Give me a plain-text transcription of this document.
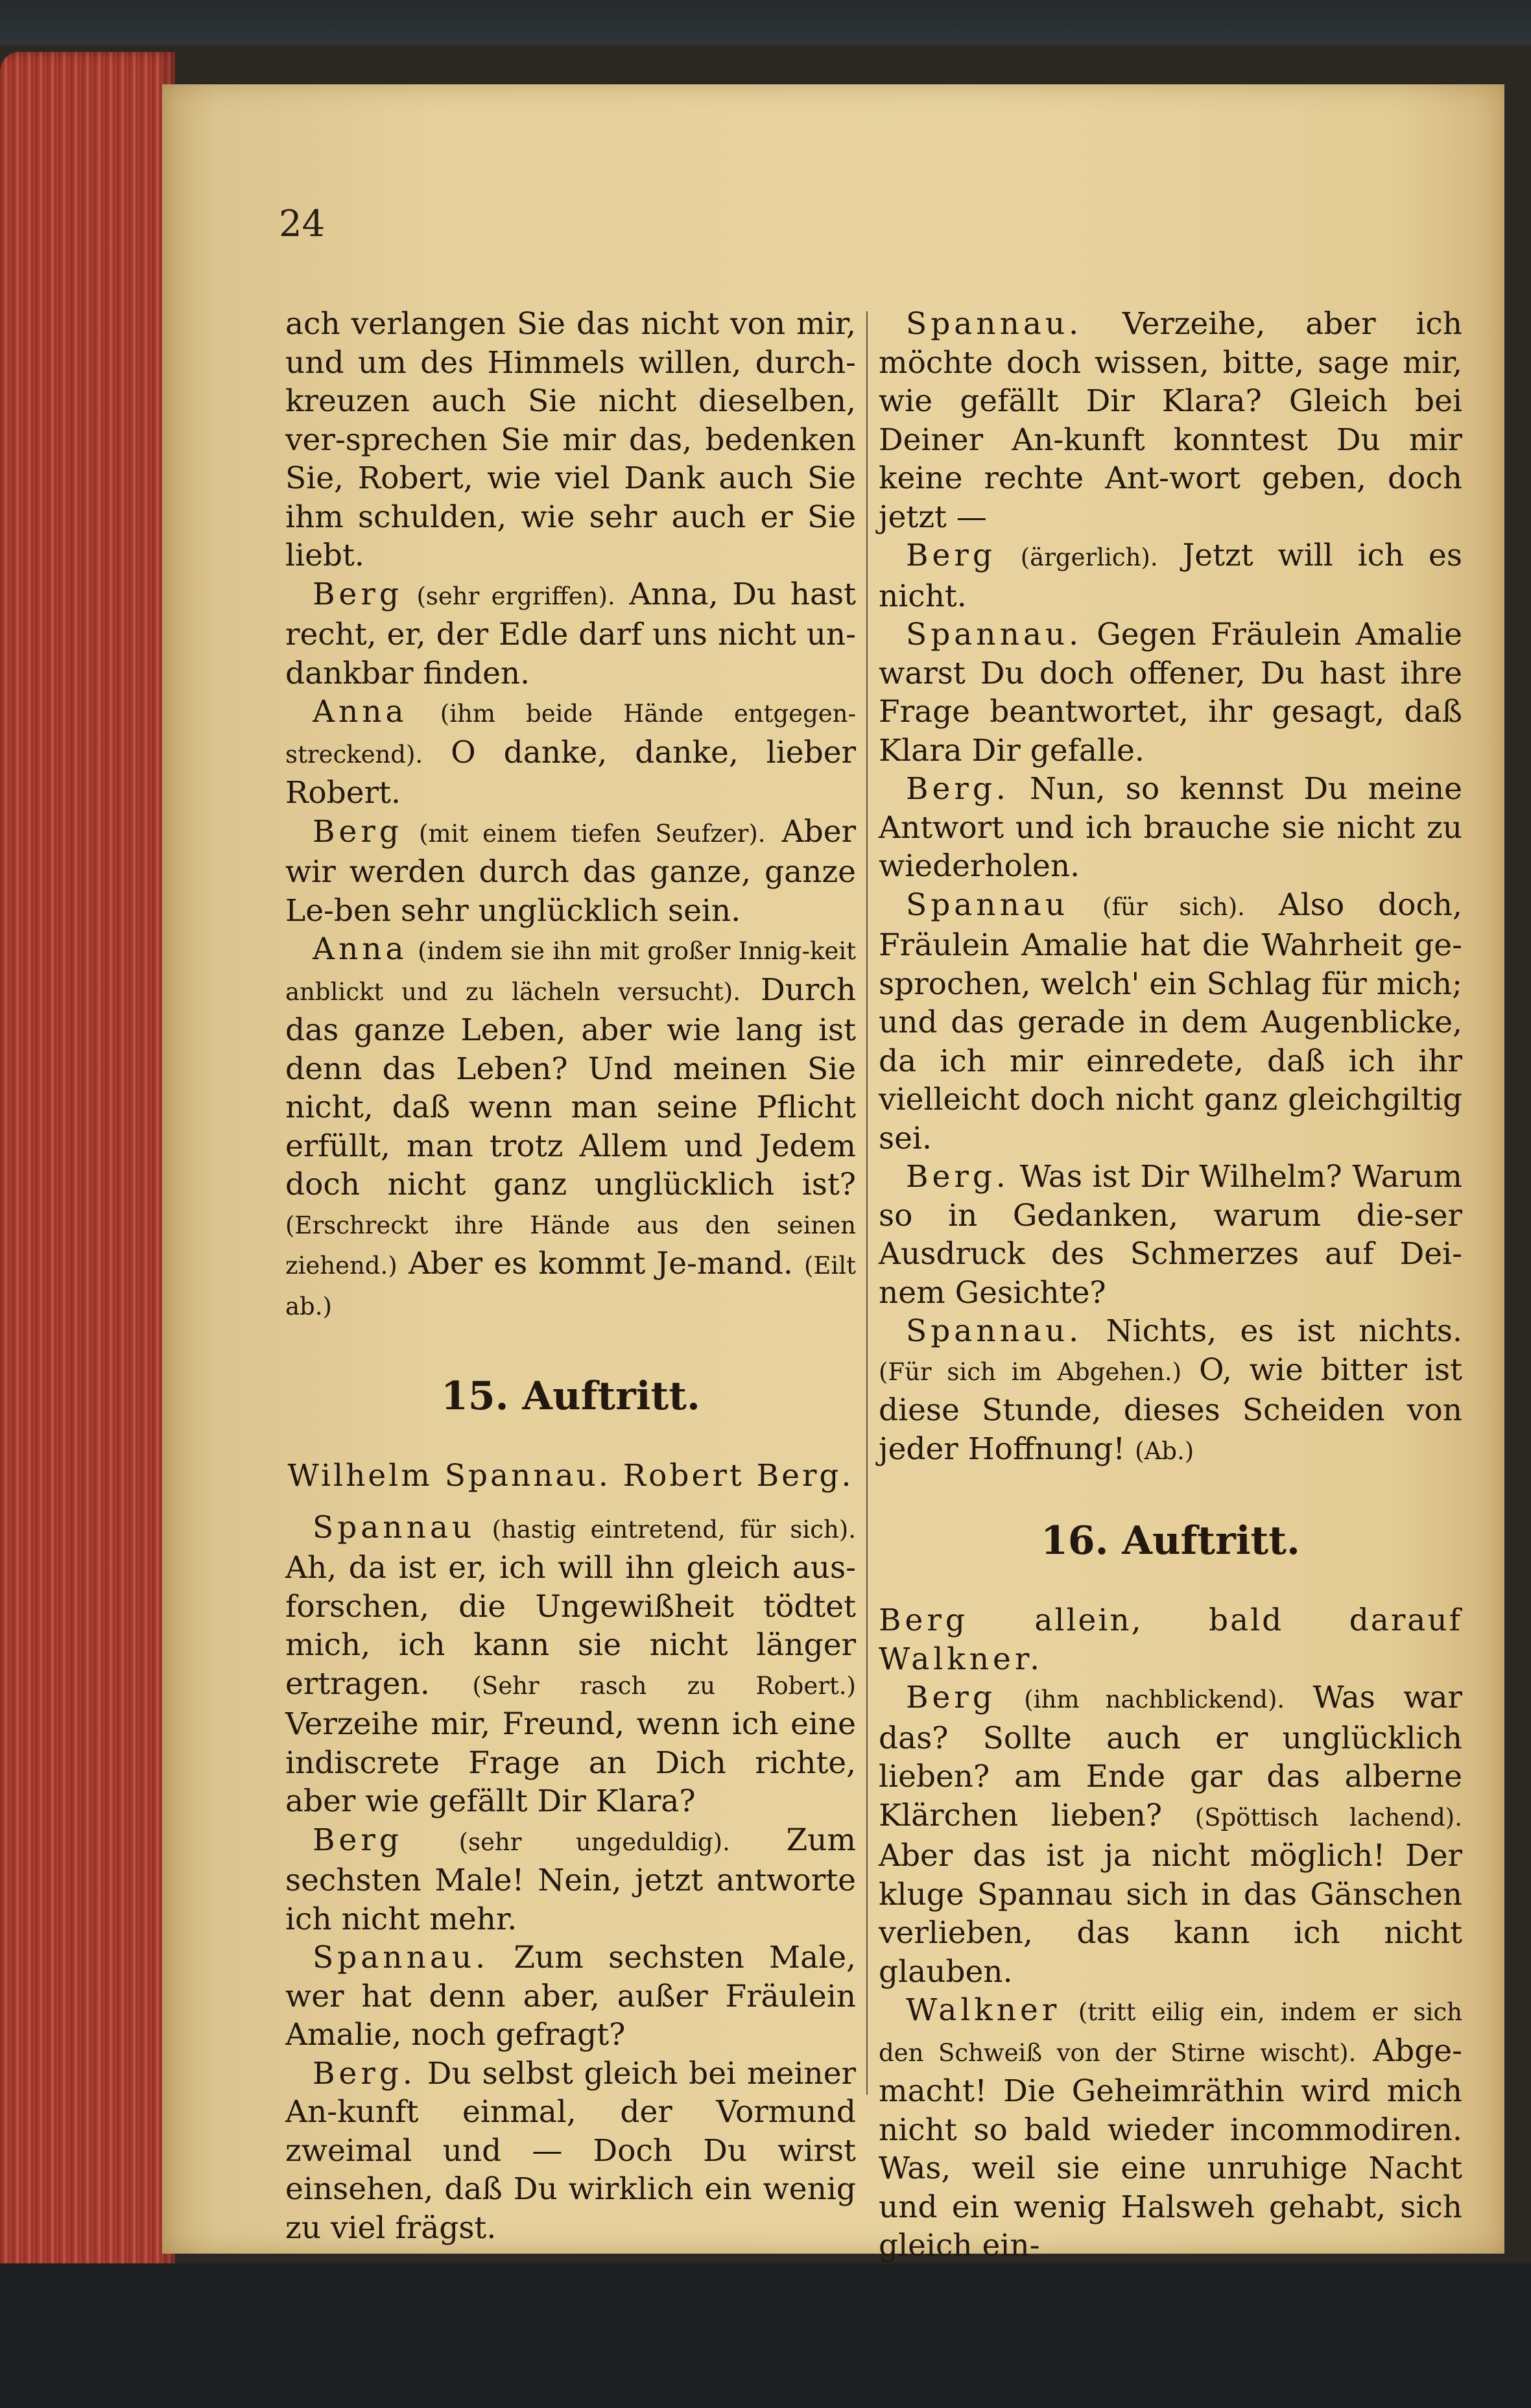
24

ach verlangen Sie das nicht von mir, und um des Himmels willen, durch-kreuzen auch Sie nicht dieselben, ver-sprechen Sie mir das, bedenken Sie, Robert, wie viel Dank auch Sie ihm schulden, wie sehr auch er Sie liebt.

Berg (sehr ergriffen). Anna, Du hast recht, er, der Edle darf uns nicht un-dankbar finden.

Anna (ihm beide Hände entgegen-streckend). O danke, danke, lieber Robert.

Berg (mit einem tiefen Seufzer). Aber wir werden durch das ganze, ganze Le-ben sehr unglücklich sein.

Anna (indem sie ihn mit großer Innig-keit anblickt und zu lächeln versucht). Durch das ganze Leben, aber wie lang ist denn das Leben? Und meinen Sie nicht, daß wenn man seine Pflicht erfüllt, man trotz Allem und Jedem doch nicht ganz unglücklich ist? (Erschreckt ihre Hände aus den seinen ziehend.) Aber es kommt Je-mand. (Eilt ab.)

15. Auftritt.
Wilhelm Spannau. Robert Berg.

Spannau (hastig eintretend, für sich). Ah, da ist er, ich will ihn gleich aus-forschen, die Ungewißheit tödtet mich, ich kann sie nicht länger ertragen. (Sehr rasch zu Robert.) Verzeihe mir, Freund, wenn ich eine indiscrete Frage an Dich richte, aber wie gefällt Dir Klara?

Berg (sehr ungeduldig). Zum sechsten Male! Nein, jetzt antworte ich nicht mehr.

Spannau. Zum sechsten Male, wer hat denn aber, außer Fräulein Amalie, noch gefragt?

Berg. Du selbst gleich bei meiner An-kunft einmal, der Vormund zweimal und — Doch Du wirst einsehen, daß Du wirklich ein wenig zu viel frägst.

Spannau. Verzeihe, aber ich möchte doch wissen, bitte, sage mir, wie gefällt Dir Klara? Gleich bei Deiner An-kunft konntest Du mir keine rechte Ant-wort geben, doch jetzt —

Berg (ärgerlich). Jetzt will ich es nicht.

Spannau. Gegen Fräulein Amalie warst Du doch offener, Du hast ihre Frage beantwortet, ihr gesagt, daß Klara Dir gefalle.

Berg. Nun, so kennst Du meine Antwort und ich brauche sie nicht zu wiederholen.

Spannau (für sich). Also doch, Fräulein Amalie hat die Wahrheit ge-sprochen, welch' ein Schlag für mich; und das gerade in dem Augenblicke, da ich mir einredete, daß ich ihr vielleicht doch nicht ganz gleichgiltig sei.

Berg. Was ist Dir Wilhelm? Warum so in Gedanken, warum die-ser Ausdruck des Schmerzes auf Dei-nem Gesichte?

Spannau. Nichts, es ist nichts. (Für sich im Abgehen.) O, wie bitter ist diese Stunde, dieses Scheiden von jeder Hoffnung! (Ab.)

16. Auftritt.

Berg allein, bald darauf Walkner.

Berg (ihm nachblickend). Was war das? Sollte auch er unglücklich lieben? am Ende gar das alberne Klärchen lieben? (Spöttisch lachend). Aber das ist ja nicht möglich! Der kluge Spannau sich in das Gänschen verlieben, das kann ich nicht glauben.

Walkner (tritt eilig ein, indem er sich den Schweiß von der Stirne wischt). Abge-macht! Die Geheimräthin wird mich nicht so bald wieder incommodiren. Was, weil sie eine unruhige Nacht und ein wenig Halsweh gehabt, sich gleich ein-
